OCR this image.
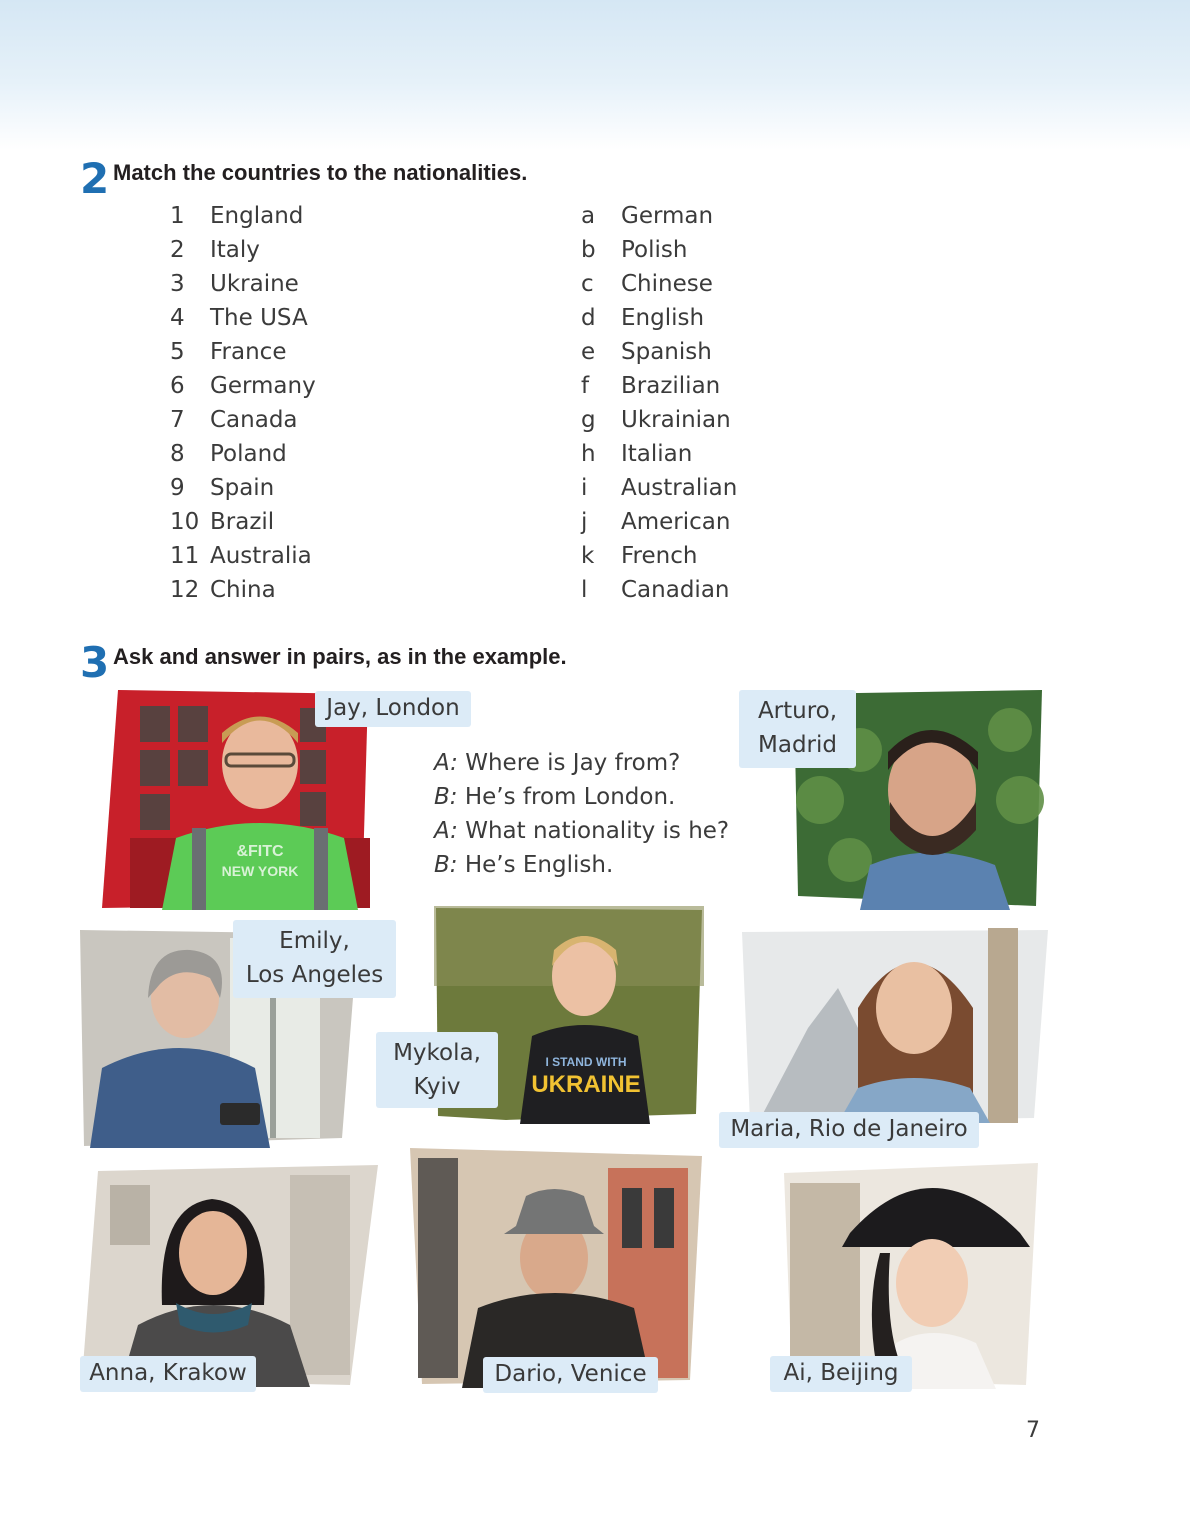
2 Match the countries to the nationalities.
1 England
2 Italy
3 Ukraine
4 The USA
5 France
6 Germany
7 Canada
8 Poland
9 Spain
10 Brazil
11 Australia
12 China
a German
b Polish
c Chinese
d English
e Spanish
f Brazilian
g Ukrainian
h Italian
i Australian
j American
k French
l Canadian
3 Ask and answer in pairs, as in the example.
&FITC
NEW YORK
Jay, London
A: Where is Jay from?
B: He’s from London.
A: What nationality is he?
B: He’s English.
Arturo,
Madrid
Emily,
Los Angeles
I STAND WITH
UKRAINE
Mykola,
Kyiv
Maria, Rio de Janeiro
Anna, Krakow	Dario, Venice	Ai, Beijing
7
